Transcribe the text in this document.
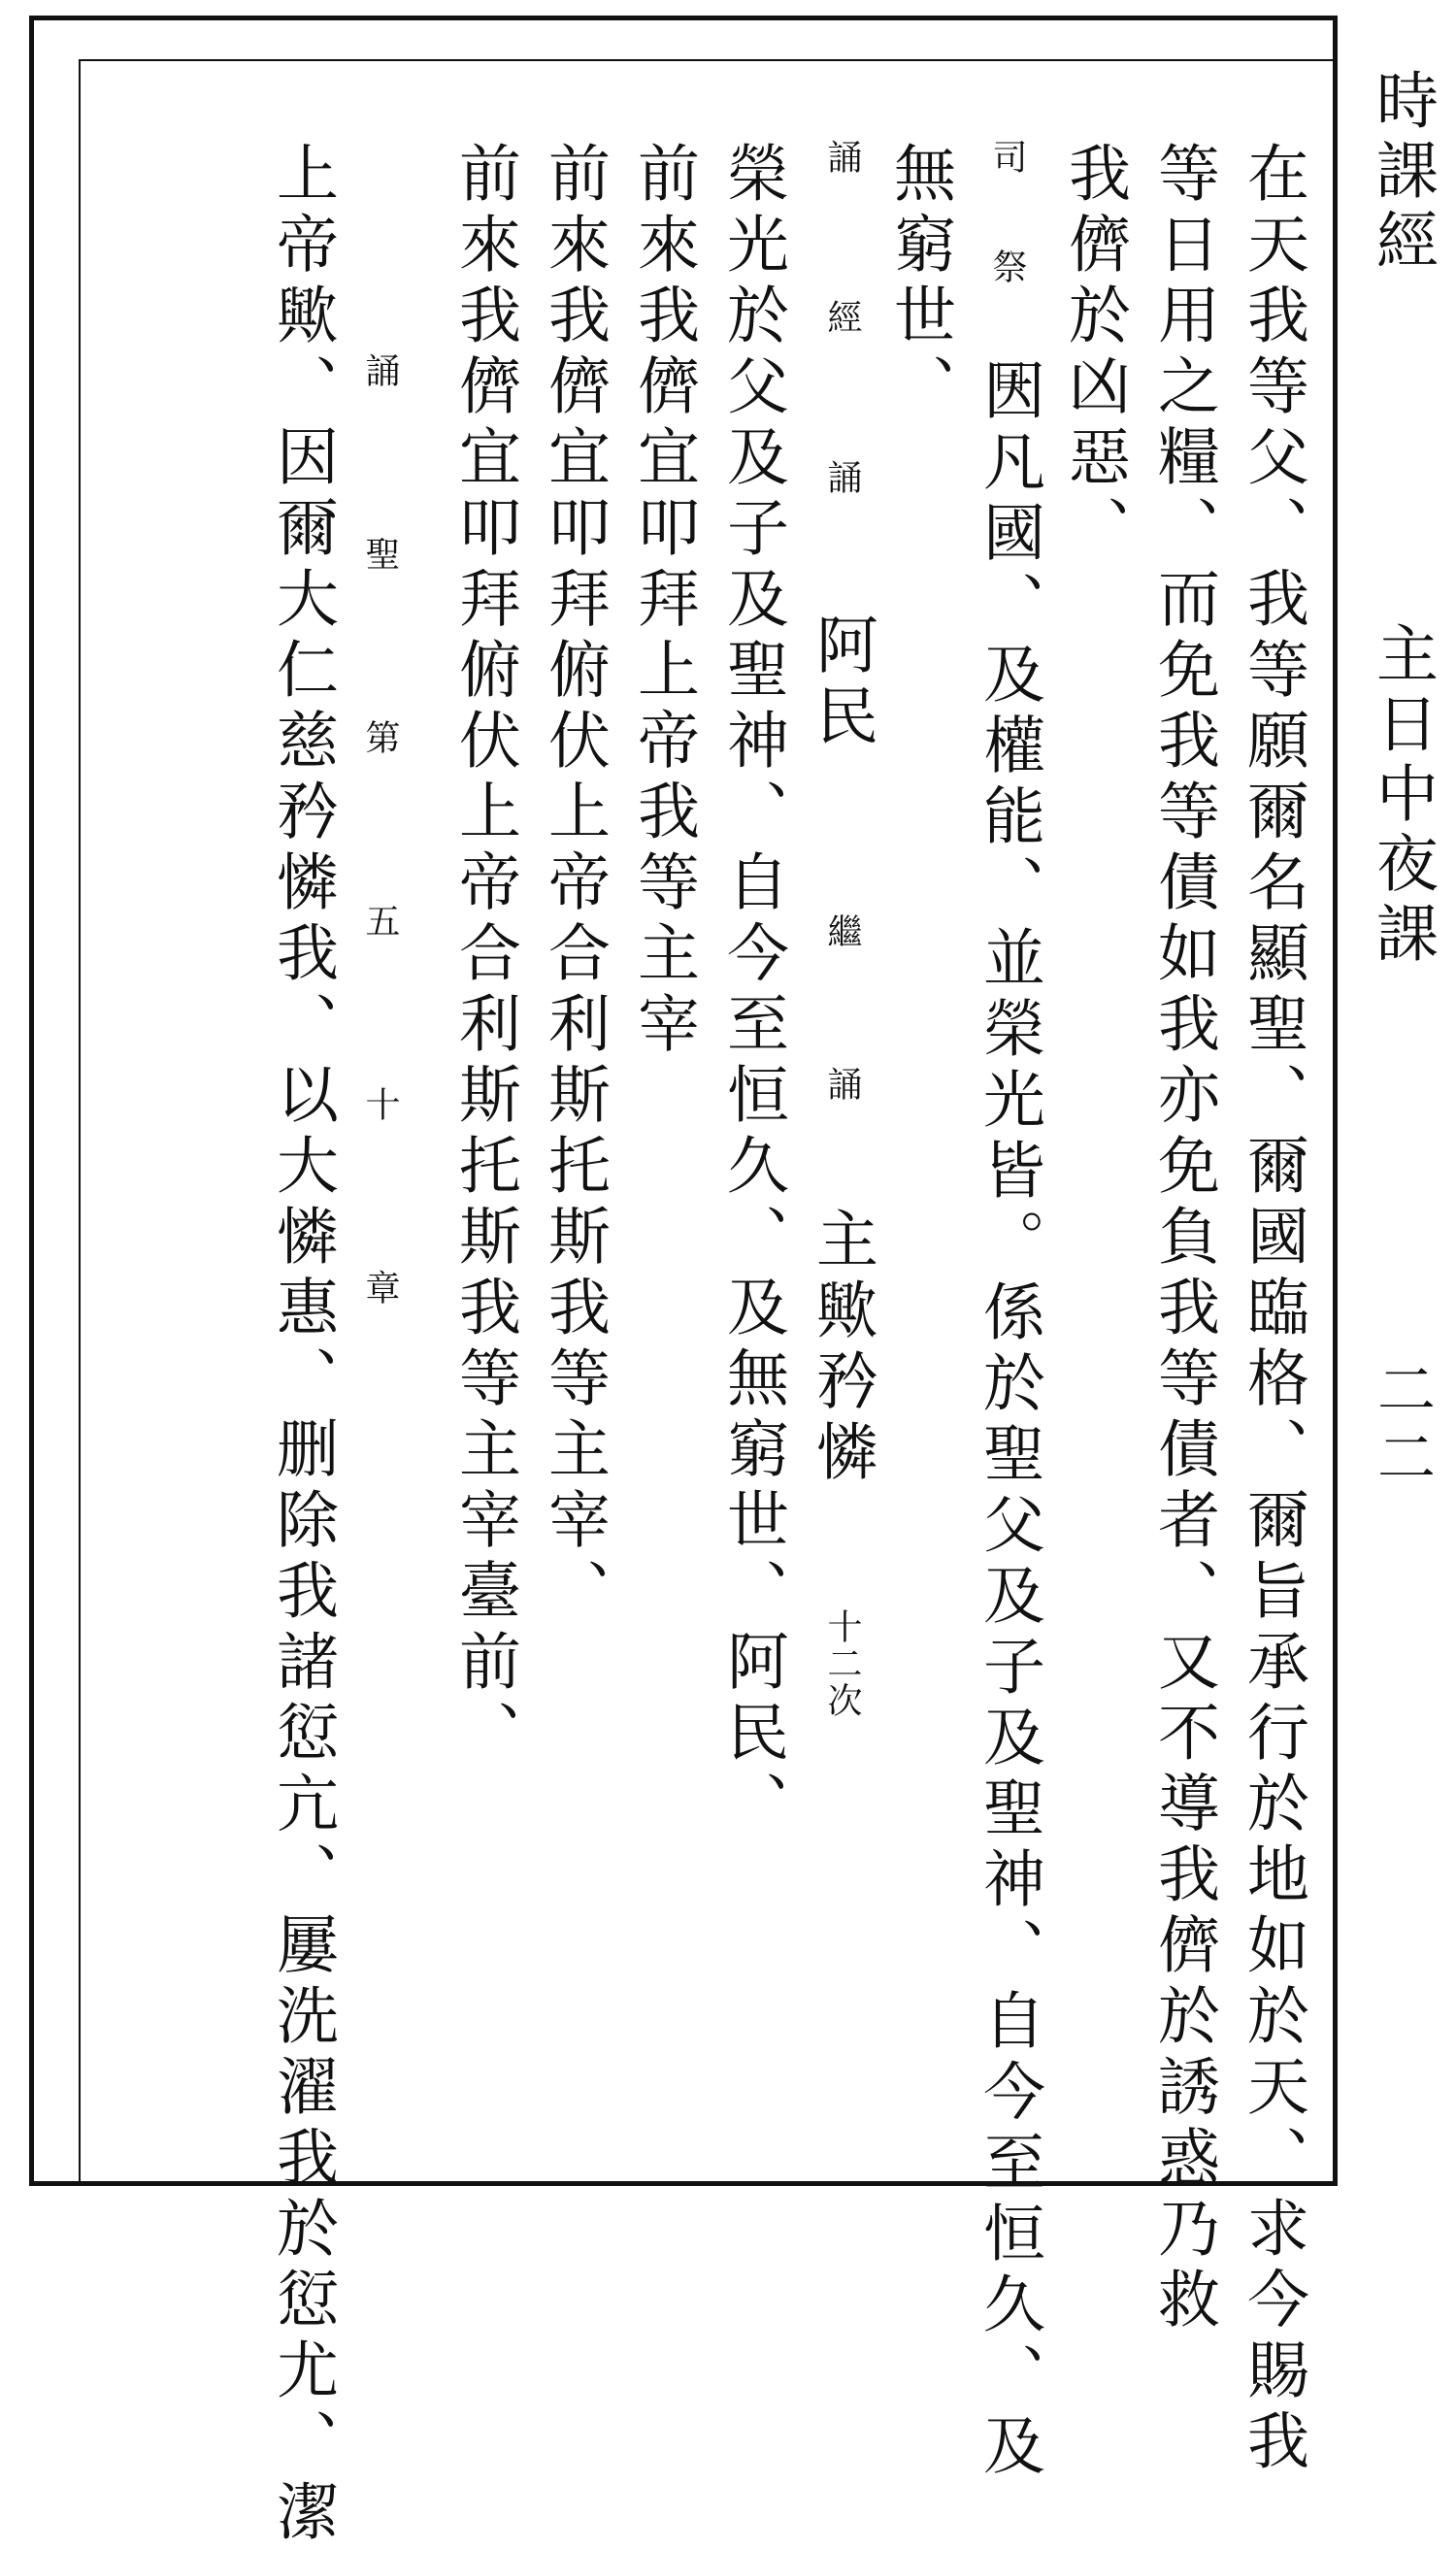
在天我等父、我等願爾名顯聖、爾國臨格、爾旨承行於地如於天、求今賜我

等日用之糧、而免我等債如我亦免負我等債者、又不導我儕於誘惑乃救

我儕於凶惡、

司 祭 曰

因凡國、及權能、並榮光皆。係於聖父及子及聖神、自今至恒久、及

無窮世、

誦 經 誦
阿民
繼 誦
主歟矜憐
十二次

榮光於父及子及聖神、自今至恒久、及無窮世、阿民、

前來我儕宜叩拜上帝我等主宰

前來我儕宜叩拜俯伏上帝合利斯托斯我等主宰、

前來我儕宜叩拜俯伏上帝合利斯托斯我等主宰臺前、

誦 聖 第 五 十 章

上帝歟、因爾大仁慈矜憐我、以大憐惠、删除我諸愆亢、屢洗濯我於愆尤、潔	時課經
主日中夜課
二二
